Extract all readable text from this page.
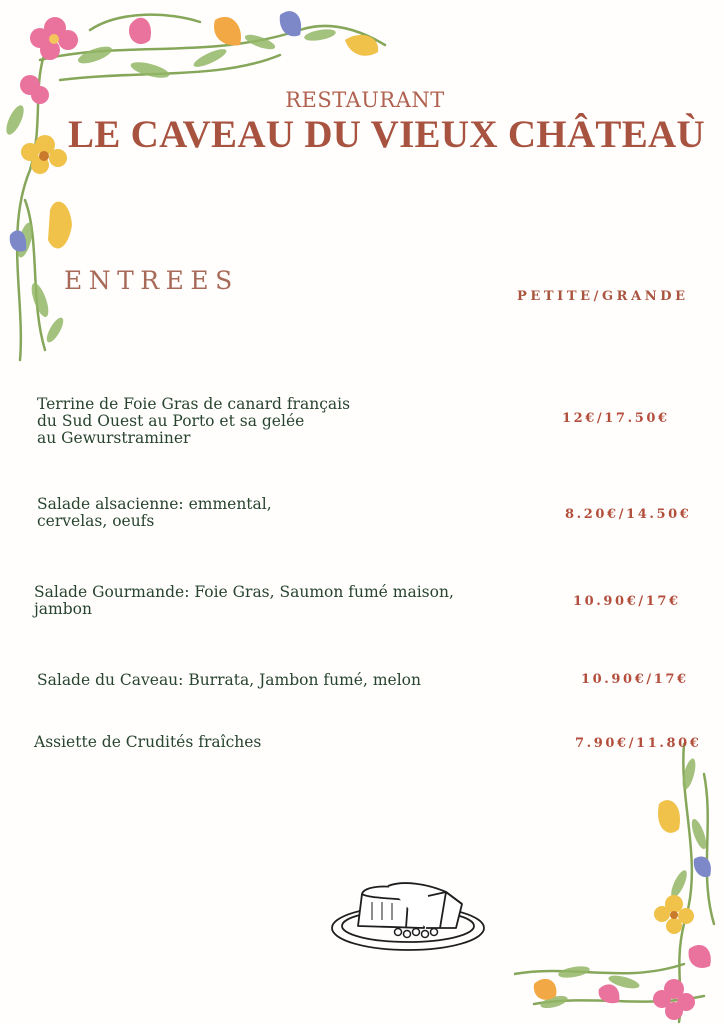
RESTAURANT
LE CAVEAU DU VIEUX CHÂTEAÙ
ENTREES
PETITE/GRANDE
Terrine de Foie Gras de canard français
du Sud Ouest au Porto et sa gelée
au Gewurstraminer
12€/17.50€
Salade alsacienne: emmental,
cervelas, oeufs	8.20€/14.50€
Salade Gourmande: Foie Gras, Saumon fumé maison,
jambon	10.90€/17€
Salade du Caveau: Burrata, Jambon fumé, melon	10.90€/17€
Assiette de Crudités fraîches	7.90€/11.80€
